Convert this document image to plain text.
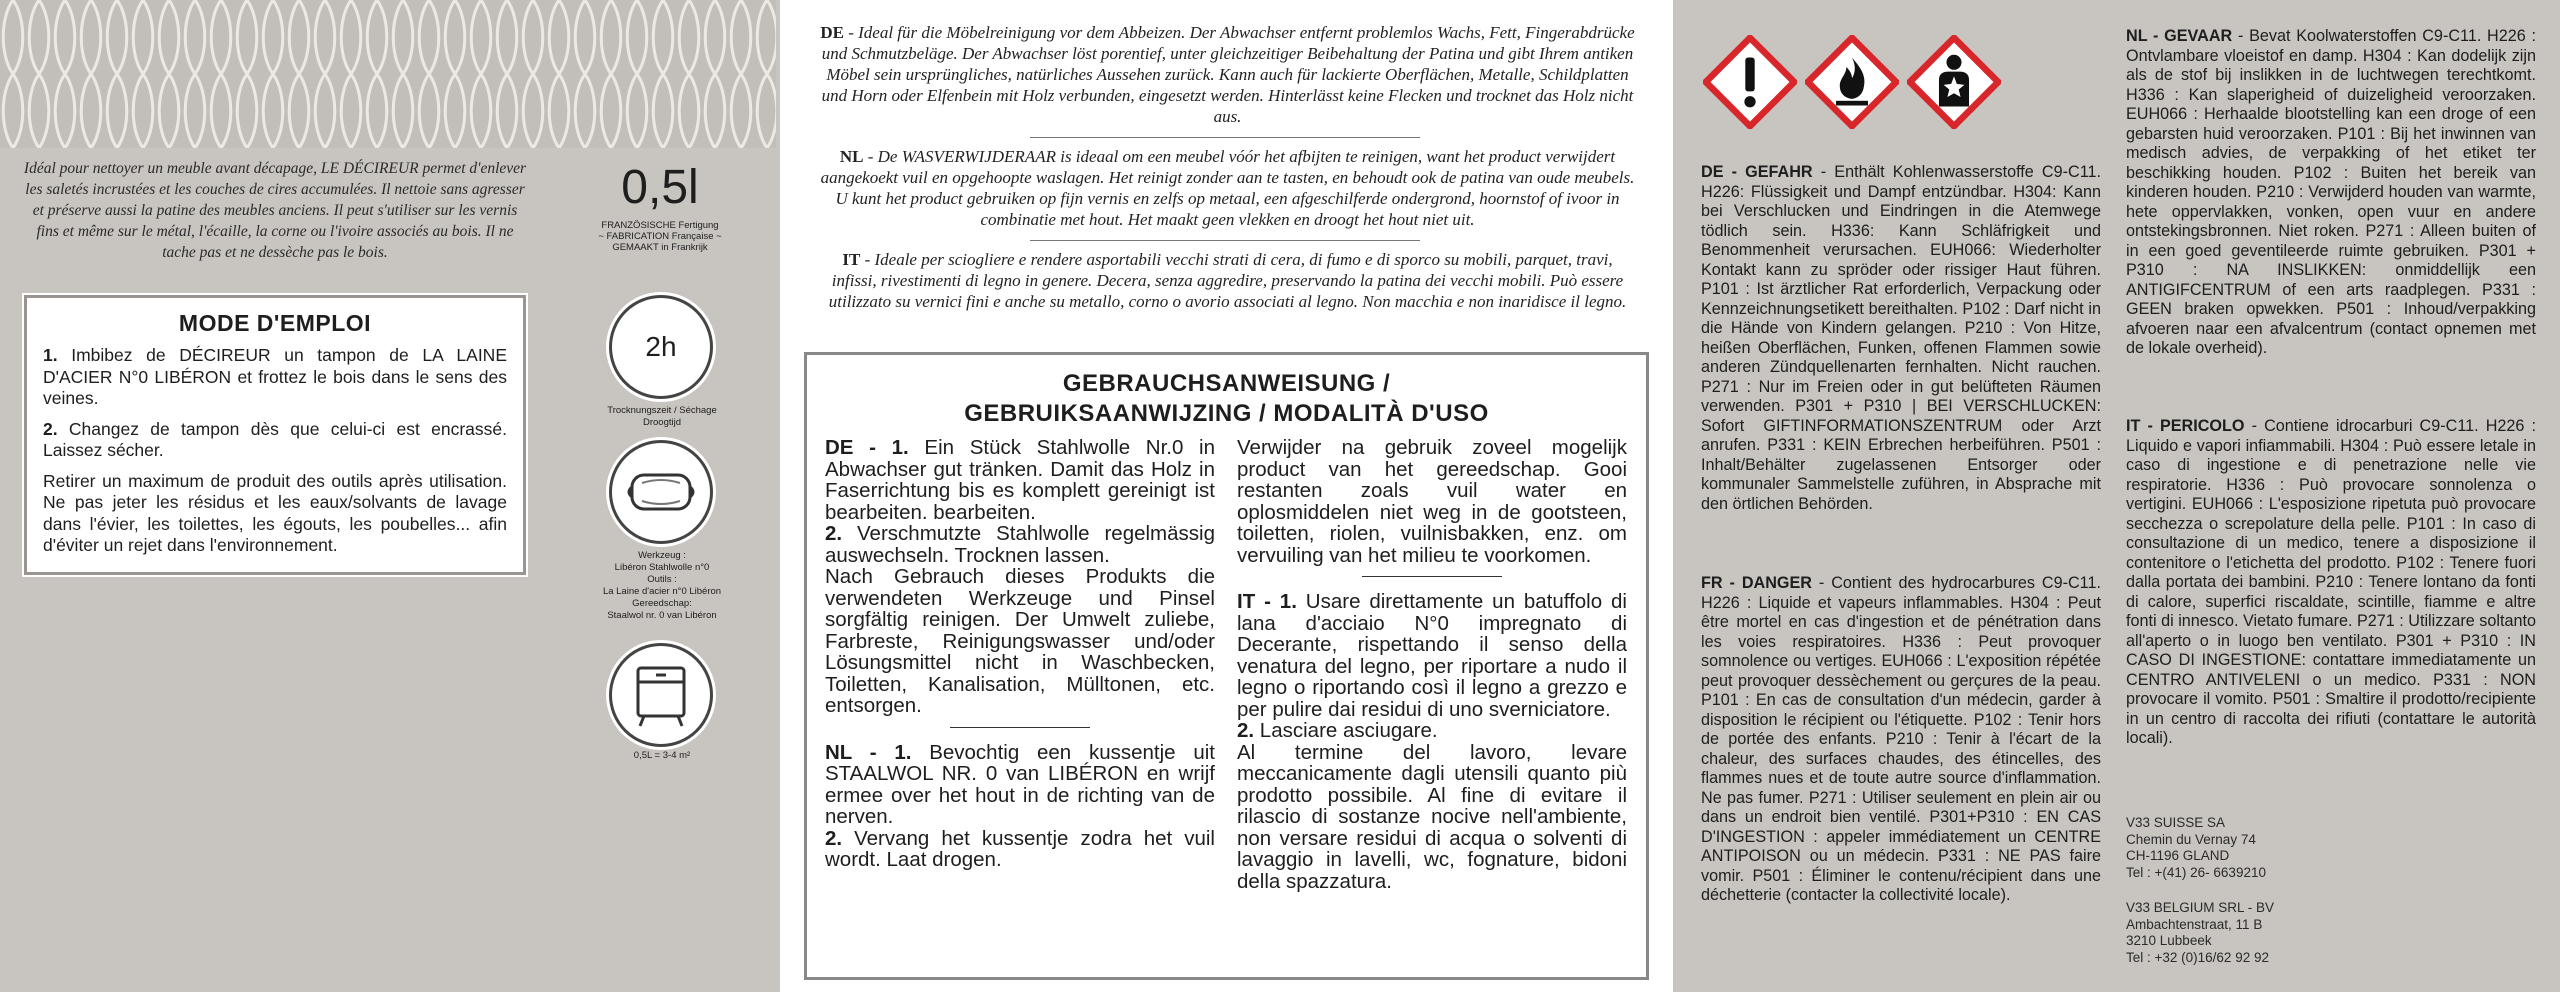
Idéal pour nettoyer un meuble avant décapage, LE DÉCIREUR permet d'enlever les saletés incrustées et les couches de cires accumulées. Il nettoie sans agresser et préserve aussi la patine des meubles anciens. Il peut s'utiliser sur les vernis fins et même sur le métal, l'écaille, la corne ou l'ivoire associés au bois. Il ne tache pas et ne dessèche pas le bois.
0,5l
FRANZÖSISCHE Fertigung
~ FABRICATION Française ~
GEMAAKT in Frankrijk
MODE D'EMPLOI

1. Imbibez de DÉCIREUR un tampon de LA LAINE D'ACIER N°0 LIBÉRON et frottez le bois dans le sens des veines.

2. Changez de tampon dès que celui-ci est encrassé. Laissez sécher.

Retirer un maximum de produit des outils après utilisation. Ne pas jeter les résidus et les eaux/solvants de lavage dans l'évier, les toilettes, les égouts, les poubelles... afin d'éviter un rejet dans l'environnement.

2h
Trocknungszeit / Séchage
Droogtijd
Werkzeug :
Libéron Stahlwolle n°0
Outils :
La Laine d'acier n°0 Libéron
Gereedschap:
Staalwol nr. 0 van Libéron
0,5L = 3-4 m²
DE - Ideal für die Möbelreinigung vor dem Abbeizen. Der Abwachser entfernt problemlos Wachs, Fett, Fingerabdrücke und Schmutzbeläge. Der Abwachser löst porentief, unter gleichzeitiger Beibehaltung der Patina und gibt Ihrem antiken Möbel sein ursprüngliches, natürliches Aussehen zurück. Kann auch für lackierte Oberflächen, Metalle, Schildplatten und Horn oder Elfenbein mit Holz verbunden, eingesetzt werden. Hinterlässt keine Flecken und trocknet das Holz nicht aus.
NL - De WASVERWIJDERAAR is ideaal om een meubel vóór het afbijten te reinigen, want het product verwijdert aangekoekt vuil en opgehoopte waslagen. Het reinigt zonder aan te tasten, en behoudt ook de patina van oude meubels. U kunt het product gebruiken op fijn vernis en zelfs op metaal, een afgeschilferde ondergrond, hoornstof of ivoor in combinatie met hout. Het maakt geen vlekken en droogt het hout niet uit.
IT - Ideale per sciogliere e rendere asportabili vecchi strati di cera, di fumo e di sporco su mobili, parquet, travi, infissi, rivestimenti di legno in genere. Decera, senza aggredire, preservando la patina dei vecchi mobili. Può essere utilizzato su vernici fini e anche su metallo, corno o avorio associati al legno. Non macchia e non inaridisce il legno.
GEBRAUCHSANWEISUNG /
GEBRUIKSAANWIJZING / MODALITÀ D'USO

DE - 1. Ein Stück Stahlwolle Nr.0 in Abwachser gut tränken. Damit das Holz in Faserrichtung bis es komplett gereinigt ist bearbeiten. bearbeiten.

2. Verschmutzte Stahlwolle regelmässig auswechseln. Trocknen lassen.

Nach Gebrauch dieses Produkts die verwendeten Werkzeuge und Pinsel sorgfältig reinigen. Der Umwelt zuliebe, Farbreste, Reinigungswasser und/oder Lösungsmittel nicht in Waschbecken, Toiletten, Kanalisation, Mülltonen, etc. entsorgen.

NL - 1. Bevochtig een kussentje uit STAALWOL NR. 0 van LIBÉRON en wrijf ermee over het hout in de richting van de nerven.

2. Vervang het kussentje zodra het vuil wordt. Laat drogen.

Verwijder na gebruik zoveel mogelijk product van het gereedschap. Gooi restanten zoals vuil water en oplosmiddelen niet weg in de gootsteen, toiletten, riolen, vuilnisbakken, enz. om vervuiling van het milieu te voorkomen.

IT - 1. Usare direttamente un batuffolo di lana d'acciaio N°0 impregnato di Decerante, rispettando il senso della venatura del legno, per riportare a nudo il legno o riportando così il legno a grezzo e per pulire dai residui di uno sverniciatore.

2. Lasciare asciugare.

Al termine del lavoro, levare meccanicamente dagli utensili quanto più prodotto possibile. Al fine di evitare il rilascio di sostanze nocive nell'ambiente, non versare residui di acqua o solventi di lavaggio in lavelli, wc, fognature, bidoni della spazzatura.

DE - GEFAHR - Enthält Kohlenwasserstoffe C9-C11. H226: Flüssigkeit und Dampf entzündbar. H304: Kann bei Verschlucken und Eindringen in die Atemwege tödlich sein. H336: Kann Schläfrigkeit und Benommenheit verursachen. EUH066: Wiederholter Kontakt kann zu spröder oder rissiger Haut führen. P101 : Ist ärztlicher Rat erforderlich, Verpackung oder Kennzeichnungsetikett bereithalten. P102 : Darf nicht in die Hände von Kindern gelangen. P210 : Von Hitze, heißen Oberflächen, Funken, offenen Flammen sowie anderen Zündquellenarten fernhalten. Nicht rauchen. P271 : Nur im Freien oder in gut belüfteten Räumen verwenden. P301 + P310 | BEI VERSCHLUCKEN: Sofort GIFTINFORMATIONSZENTRUM oder Arzt anrufen. P331 : KEIN Erbrechen herbeiführen. P501 : Inhalt/Behälter zugelassenen Entsorger oder kommunaler Sammelstelle zuführen, in Absprache mit den örtlichen Behörden.
FR - DANGER - Contient des hydrocarbures C9-C11. H226 : Liquide et vapeurs inflammables. H304 : Peut être mortel en cas d'ingestion et de pénétration dans les voies respiratoires. H336 : Peut provoquer somnolence ou vertiges. EUH066 : L'exposition répétée peut provoquer dessèchement ou gerçures de la peau. P101 : En cas de consultation d'un médecin, garder à disposition le récipient ou l'étiquette. P102 : Tenir hors de portée des enfants. P210 : Tenir à l'écart de la chaleur, des surfaces chaudes, des étincelles, des flammes nues et de toute autre source d'inflammation. Ne pas fumer. P271 : Utiliser seulement en plein air ou dans un endroit bien ventilé. P301+P310 : EN CAS D'INGESTION : appeler immédiatement un CENTRE ANTIPOISON ou un médecin. P331 : NE PAS faire vomir. P501 : Éliminer le contenu/récipient dans une déchetterie (contacter la collectivité locale).
NL - GEVAAR - Bevat Koolwaterstoffen C9-C11. H226 : Ontvlambare vloeistof en damp. H304 : Kan dodelijk zijn als de stof bij inslikken in de luchtwegen terechtkomt. H336 : Kan slaperigheid of duizeligheid veroorzaken. EUH066 : Herhaalde blootstelling kan een droge of een gebarsten huid veroorzaken. P101 : Bij het inwinnen van medisch advies, de verpakking of het etiket ter beschikking houden. P102 : Buiten het bereik van kinderen houden. P210 : Verwijderd houden van warmte, hete oppervlakken, vonken, open vuur en andere ontstekingsbronnen. Niet roken. P271 : Alleen buiten of in een goed geventileerde ruimte gebruiken. P301 + P310 : NA INSLIKKEN: onmiddellijk een ANTIGIFCENTRUM of een arts raadplegen. P331 : GEEN braken opwekken. P501 : Inhoud/verpakking afvoeren naar een afvalcentrum (contact opnemen met de lokale overheid).
IT - PERICOLO - Contiene idrocarburi C9-C11. H226 : Liquido e vapori infiammabili. H304 : Può essere letale in caso di ingestione e di penetrazione nelle vie respiratorie. H336 : Può provocare sonnolenza o vertigini. EUH066 : L'esposizione ripetuta può provocare secchezza o screpolature della pelle. P101 : In caso di consultazione di un medico, tenere a disposizione il contenitore o l'etichetta del prodotto. P102 : Tenere fuori dalla portata dei bambini. P210 : Tenere lontano da fonti di calore, superfici riscaldate, scintille, fiamme e altre fonti di innesco. Vietato fumare. P271 : Utilizzare soltanto all'aperto o in luogo ben ventilato. P301 + P310 : IN CASO DI INGESTIONE: contattare immediatamente un CENTRO ANTIVELENI o un medico. P331 : NON provocare il vomito. P501 : Smaltire il prodotto/recipiente in un centro di raccolta dei rifiuti (contattare le autorità locali).
V33 SUISSE SA
Chemin du Vernay 74
CH-1196 GLAND
Tel : +(41) 26- 6639210
V33 BELGIUM SRL - BV
Ambachtenstraat, 11 B
3210 Lubbeek
Tel : +32 (0)16/62 92 92
